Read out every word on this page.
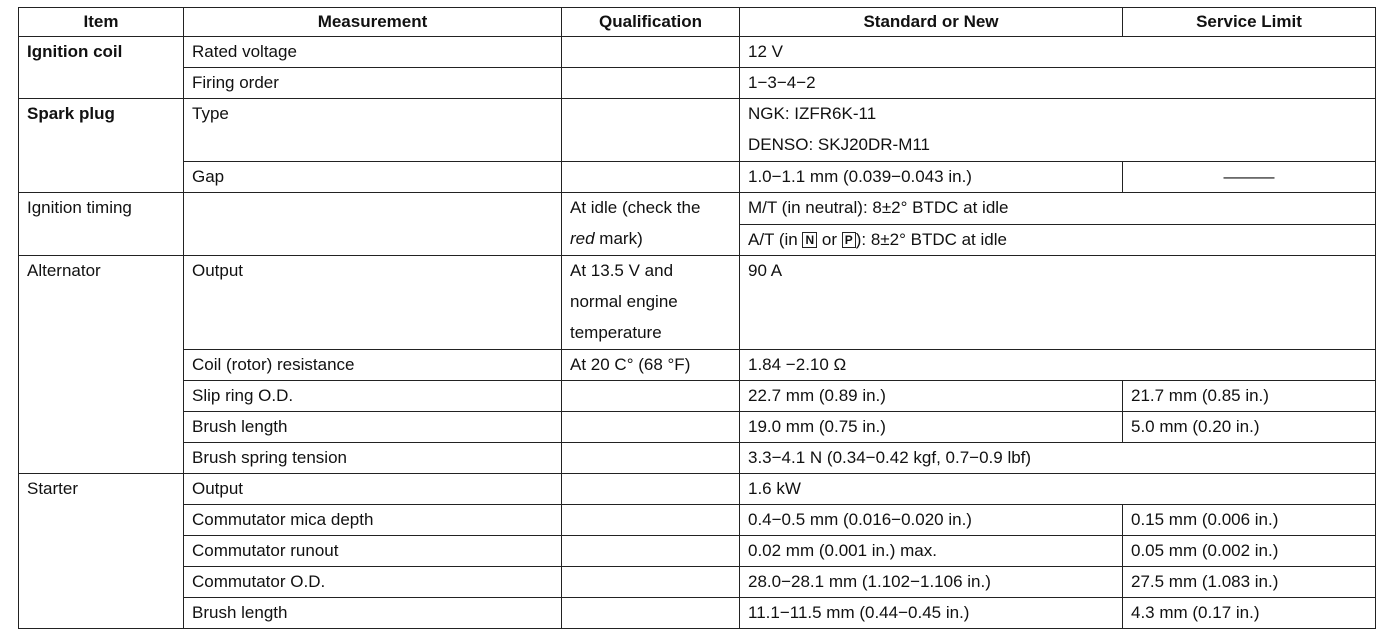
Item	Measurement	Qualification	Standard or New	Service Limit
Ignition coil	Rated voltage		12 V	
	Firing order		1−3−4−2	
Spark plug	Type		NGK: IZFR6K-11
DENSO: SKJ20DR-M11	

	Gap		1.0−1.1 mm (0.039−0.043 in.)	———
Ignition timing		At idle (check the
red mark)	M/T (in neutral): 8±2° BTDC at idle	
			A/T (in N or P ): 8±2° BTDC at idle	
Alternator	Output	At 13.5 V and
normal engine
temperature	90 A	
	Coil (rotor) resistance	At 20 C° (68 °F)	1.84 −2.10 Ω	
	Slip ring O.D.		22.7 mm (0.89 in.)	21.7 mm (0.85 in.)
	Brush length		19.0 mm (0.75 in.)	5.0 mm (0.20 in.)
	Brush spring tension		3.3−4.1 N (0.34−0.42 kgf, 0.7−0.9 lbf)	
Starter	Output		1.6 kW	
	Commutator mica depth		0.4−0.5 mm (0.016−0.020 in.)	0.15 mm (0.006 in.)
	Commutator runout		0.02 mm (0.001 in.) max.	0.05 mm (0.002 in.)
	Commutator O.D.		28.0−28.1 mm (1.102−1.106 in.)	27.5 mm (1.083 in.)
	Brush length		11.1−11.5 mm (0.44−0.45 in.)	4.3 mm (0.17 in.)
